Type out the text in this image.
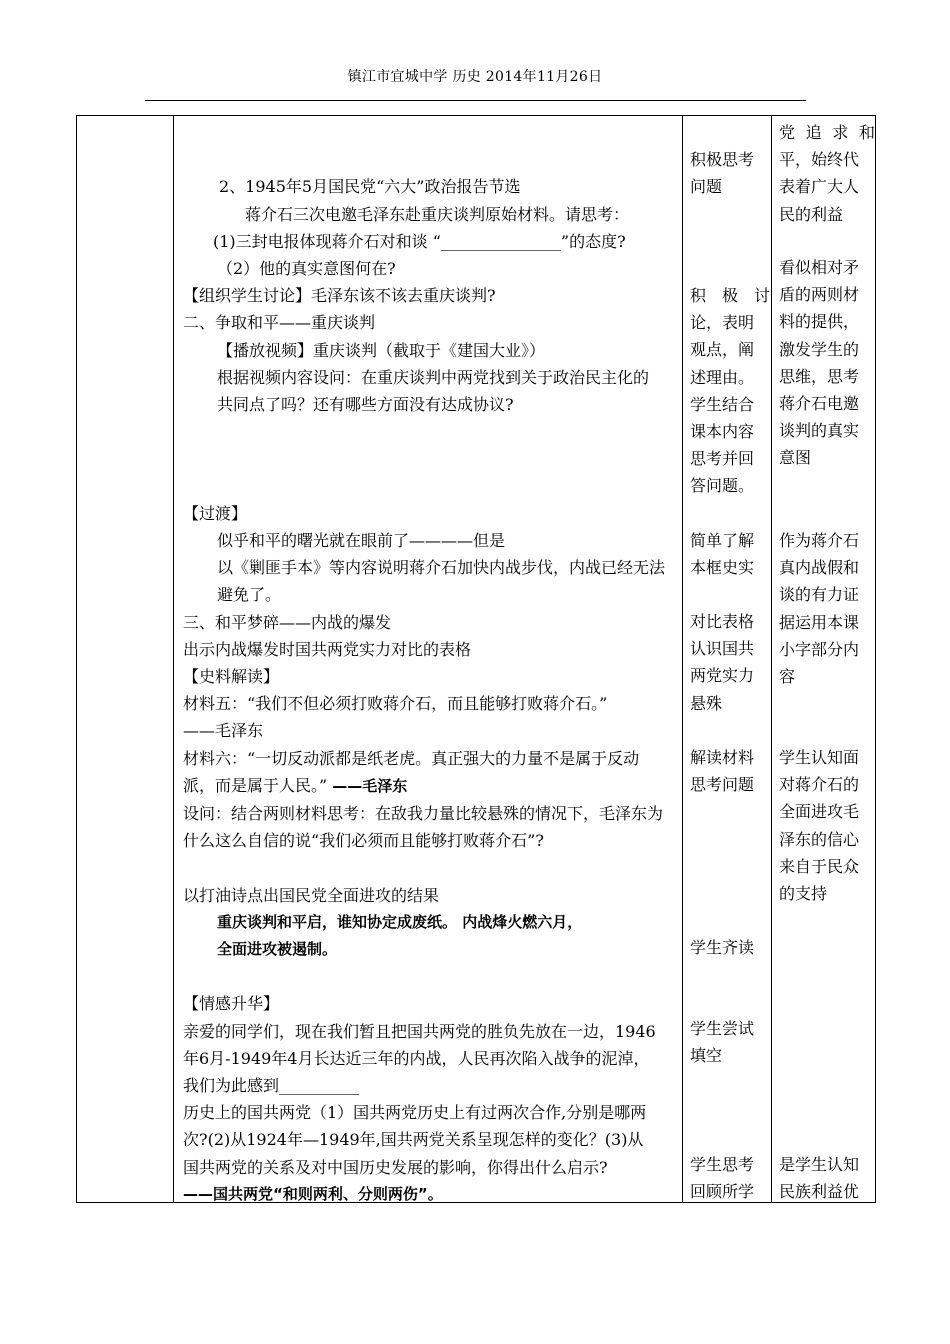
镇江市宜城中学 历史 2014年11月26日
2、1945年5月国民党“六大”政治报告节选
蒋介石三次电邀毛泽东赴重庆谈判原始材料。请思考：
(1)三封电报体现蒋介石对和谈 “_______________”的态度?
（2）他的真实意图何在?
【组织学生讨论】毛泽东该不该去重庆谈判?
二、争取和平——重庆谈判
【播放视频】重庆谈判（截取于《建国大业》）
根据视频内容设问：在重庆谈判中两党找到关于政治民主化的
共同点了吗？还有哪些方面没有达成协议?
【过渡】
似乎和平的曙光就在眼前了————但是
以《剿匪手本》等内容说明蒋介石加快内战步伐，内战已经无法
避免了。
三、和平梦碎——内战的爆发
出示内战爆发时国共两党实力对比的表格
【史料解读】
材料五：“我们不但必须打败蒋介石，而且能够打败蒋介石。”
——毛泽东
材料六：“一切反动派都是纸老虎。真正强大的力量不是属于反动
派，而是属于人民。” ——毛泽东
设问：结合两则材料思考：在敌我力量比较悬殊的情况下，毛泽东为
什么这么自信的说“我们必须而且能够打败蒋介石”?
以打油诗点出国民党全面进攻的结果
重庆谈判和平启，谁知协定成废纸。 内战烽火燃六月，
全面进攻被遏制。
【情感升华】
亲爱的同学们，现在我们暂且把国共两党的胜负先放在一边，1946
年6月-1949年4月长达近三年的内战，人民再次陷入战争的泥淖，
我们为此感到__________
历史上的国共两党（1）国共两党历史上有过两次合作,分别是哪两
次?(2)从1924年—1949年,国共两党关系呈现怎样的变化？(3)从
国共两党的关系及对中国历史发展的影响，你得出什么启示?
——国共两党“和则两利、分则两伤”。
积极思考
问题
积 极 讨
论，表明
观点，阐
述理由。
学生结合
课本内容
思考并回
答问题。
简单了解
本框史实
对比表格
认识国共
两党实力
悬殊
解读材料
思考问题
学生齐读
学生尝试
填空
学生思考
回顾所学
党追求和
平，始终代
表着广大人
民的利益
看似相对矛
盾的两则材
料的提供，
激发学生的
思维，思考
蒋介石电邀
谈判的真实
意图
作为蒋介石
真内战假和
谈的有力证
据运用本课
小字部分内
容
学生认知面
对蒋介石的
全面进攻毛
泽东的信心
来自于民众
的支持
是学生认知
民族利益优
